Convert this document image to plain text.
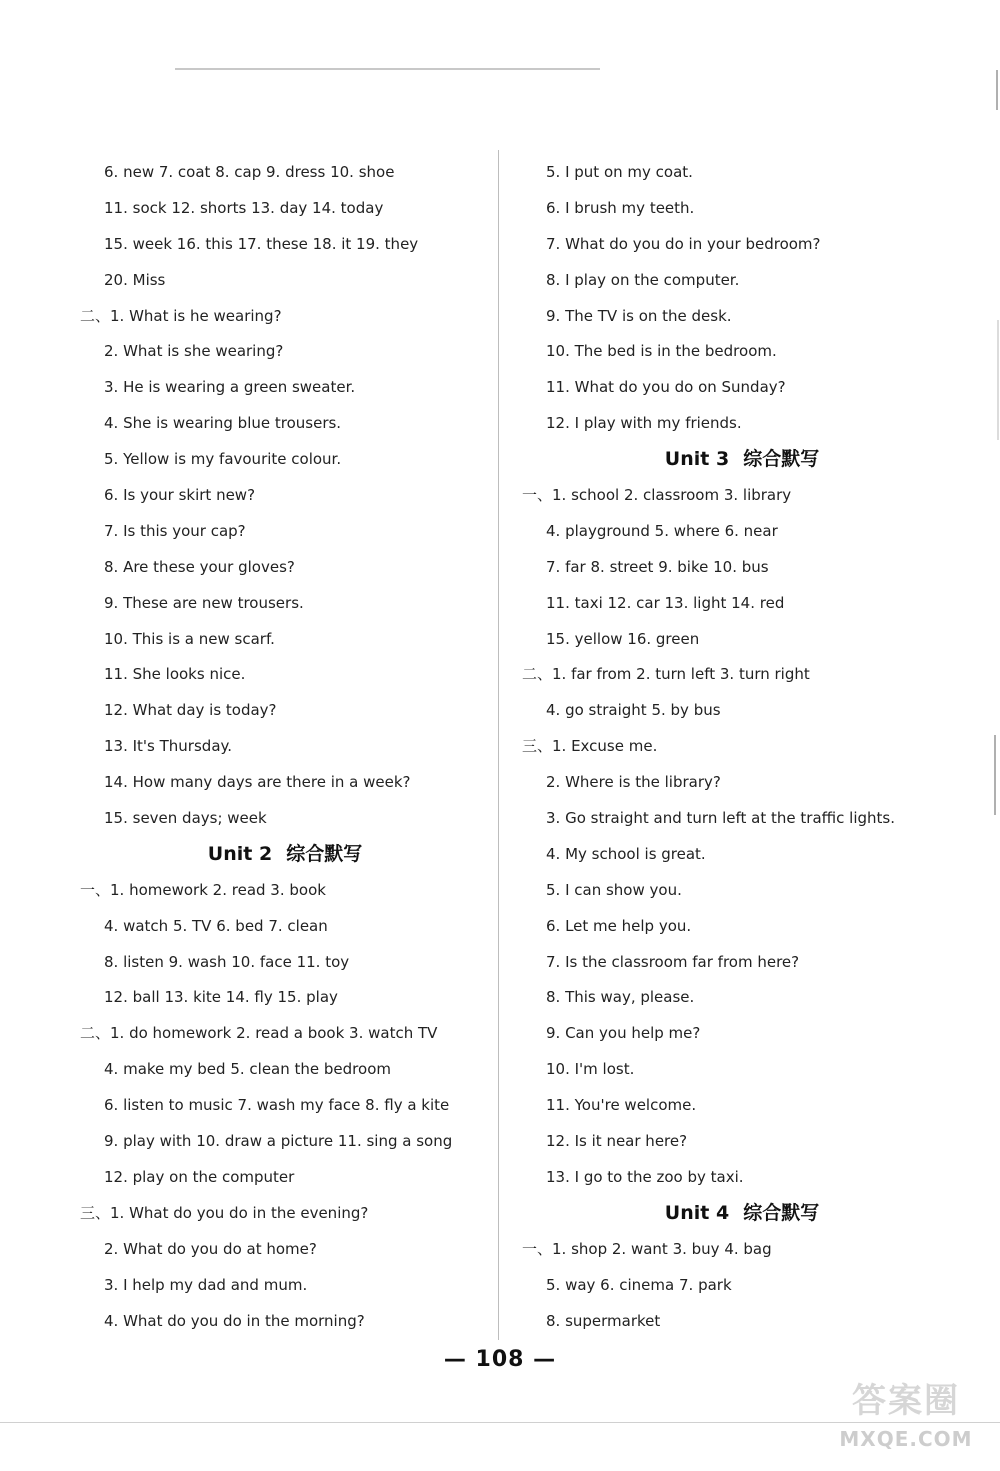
6. new 7. coat 8. cap 9. dress 10. shoe
11. sock 12. shorts 13. day 14. today
15. week 16. this 17. these 18. it 19. they
20. Miss
二、1. What is he wearing?
2. What is she wearing?
3. He is wearing a green sweater.
4. She is wearing blue trousers.
5. Yellow is my favourite colour.
6. Is your skirt new?
7. Is this your cap?
8. Are these your gloves?
9. These are new trousers.
10. This is a new scarf.
11. She looks nice.
12. What day is today?
13. It's Thursday.
14. How many days are there in a week?
15. seven days; week
Unit 2 综合默写
一、1. homework 2. read 3. book
4. watch 5. TV 6. bed 7. clean
8. listen 9. wash 10. face 11. toy
12. ball 13. kite 14. fly 15. play
二、1. do homework 2. read a book 3. watch TV
4. make my bed 5. clean the bedroom
6. listen to music 7. wash my face 8. fly a kite
9. play with 10. draw a picture 11. sing a song
12. play on the computer
三、1. What do you do in the evening?
2. What do you do at home?
3. I help my dad and mum.
4. What do you do in the morning?
5. I put on my coat.
6. I brush my teeth.
7. What do you do in your bedroom?
8. I play on the computer.
9. The TV is on the desk.
10. The bed is in the bedroom.
11. What do you do on Sunday?
12. I play with my friends.
Unit 3 综合默写
一、1. school 2. classroom 3. library
4. playground 5. where 6. near
7. far 8. street 9. bike 10. bus
11. taxi 12. car 13. light 14. red
15. yellow 16. green
二、1. far from 2. turn left 3. turn right
4. go straight 5. by bus
三、1. Excuse me.
2. Where is the library?
3. Go straight and turn left at the traffic lights.
4. My school is great.
5. I can show you.
6. Let me help you.
7. Is the classroom far from here?
8. This way, please.
9. Can you help me?
10. I'm lost.
11. You're welcome.
12. Is it near here?
13. I go to the zoo by taxi.
Unit 4 综合默写
一、1. shop 2. want 3. buy 4. bag
5. way 6. cinema 7. park
8. supermarket
— 108 —
答案圈
MXQE.COM
